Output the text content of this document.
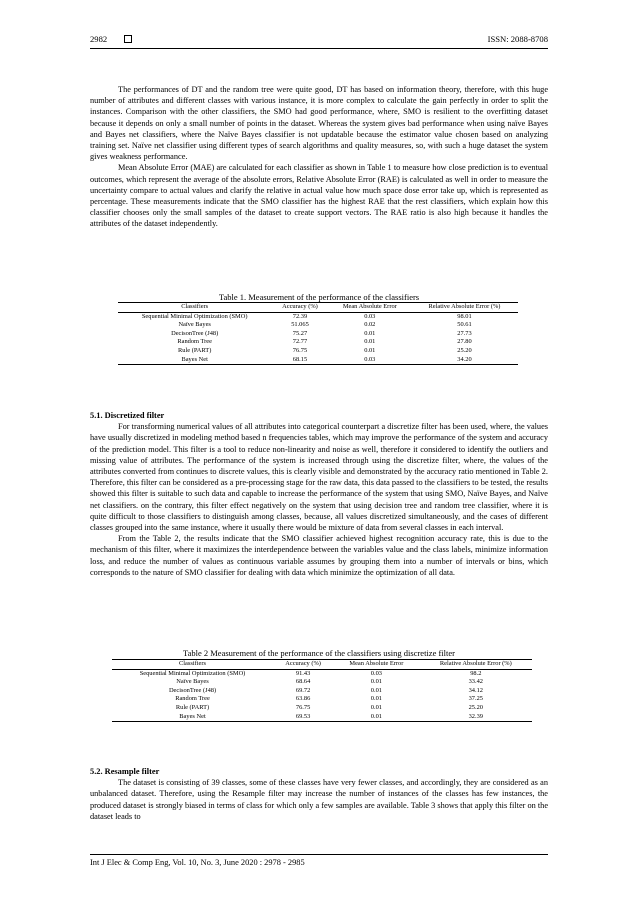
2982	ISSN: 2088-8708

The performances of DT and the random tree were quite good, DT has based on information theory, therefore, with this huge number of attributes and different classes with various instance, it is more complex to calculate the gain perfectly in order to split the instances. Comparison with the other classifiers, the SMO had good performance, where, SMO is resilient to the overfitting dataset because it depends on only a small number of points in the dataset. Whereas the system gives bad performance when using naïve Bayes and Bayes net classifiers, where the Naïve Bayes classifier is not updatable because the estimator value chosen based on analyzing training set. Naïve net classifier using different types of search algorithms and quality measures, so, with such a huge dataset the system gives weakness performance.

Mean Absolute Error (MAE) are calculated for each classifier as shown in Table 1 to measure how close prediction is to eventual outcomes, which represent the average of the absolute errors, Relative Absolute Error (RAE) is calculated as well in order to measure the uncertainty compare to actual values and clarify the relative in actual value how much space dose error take up, which is represented as percentage. These measurements indicate that the SMO classifier has the highest RAE that the rest classifiers, which explain how this classifier chooses only the small samples of the dataset to create support vectors. The RAE ratio is also high because it handles the attributes of the dataset independently.

Table 1. Measurement of the performance of the classifiers
Classifiers	Accuracy (%)	Mean Absolute Error	Relative Absolute Error (%)
Sequential Minimal Optimization (SMO)	72.39	0.03	98.01
Naïve Bayes	51.065	0.02	50.61
DecisonTree (J48)	75.27	0.01	27.73
Random Tree	72.77	0.01	27.80
Rule (PART)	76.75	0.01	25.20
Bayes Net	68.15	0.03	34.20

5.1. Discretized filter

For transforming numerical values of all attributes into categorical counterpart a discretize filter has been used, where, the values have usually discretized in modeling method based n frequencies tables, which may improve the performance of the system and accuracy of the prediction model. This filter is a tool to reduce non-linearity and noise as well, therefore it considered to identify the outliers and missing value of attributes. The performance of the system is increased through using the discretize filter, where, the values of the attributes converted from continues to discrete values, this is clearly visible and demonstrated by the accuracy ratio mentioned in Table 2. Therefore, this filter can be considered as a pre-processing stage for the raw data, this data passed to the classifiers to be tested, the results showed this filter is suitable to such data and capable to increase the performance of the system that using SMO, Naïve Bayes, and Naïve net classifiers. on the contrary, this filter effect negatively on the system that using decision tree and random tree classifier, where it is quite difficult to those classifiers to distinguish among classes, because, all values discretized simultaneously, and the cases of different classes grouped into the same instance, where it usually there would be mixture of data from several classes in each interval.

From the Table 2, the results indicate that the SMO classifier achieved highest recognition accuracy rate, this is due to the mechanism of this filter, where it maximizes the interdependence between the variables value and the class labels, minimize information loss, and reduce the number of values as continuous variable assumes by grouping them into a number of intervals or bins, which corresponds to the nature of SMO classifier for dealing with data which minimize the optimization of all data.

Table 2 Measurement of the performance of the classifiers using discretize filter
Classifiers	Accuracy (%)	Mean Absolute Error	Relative Absolute Error (%)
Sequential Minimal Optimization (SMO)	91.43	0.03	98.2
Naïve Bayes	68.64	0.01	33.42
DecisonTree (J48)	69.72	0.01	34.12
Random Tree	63.86	0.01	37.25
Rule (PART)	76.75	0.01	25.20
Bayes Net	69.53	0.01	32.39

5.2. Resample filter

The dataset is consisting of 39 classes, some of these classes have very fewer classes, and accordingly, they are considered as an unbalanced dataset. Therefore, using the Resample filter may increase the number of instances of the classes has few instances, the produced dataset is strongly biased in terms of class for which only a few samples are available. Table 3 shows that apply this filter on the dataset leads to

Int J Elec & Comp Eng, Vol. 10, No. 3, June 2020 : 2978 - 2985
